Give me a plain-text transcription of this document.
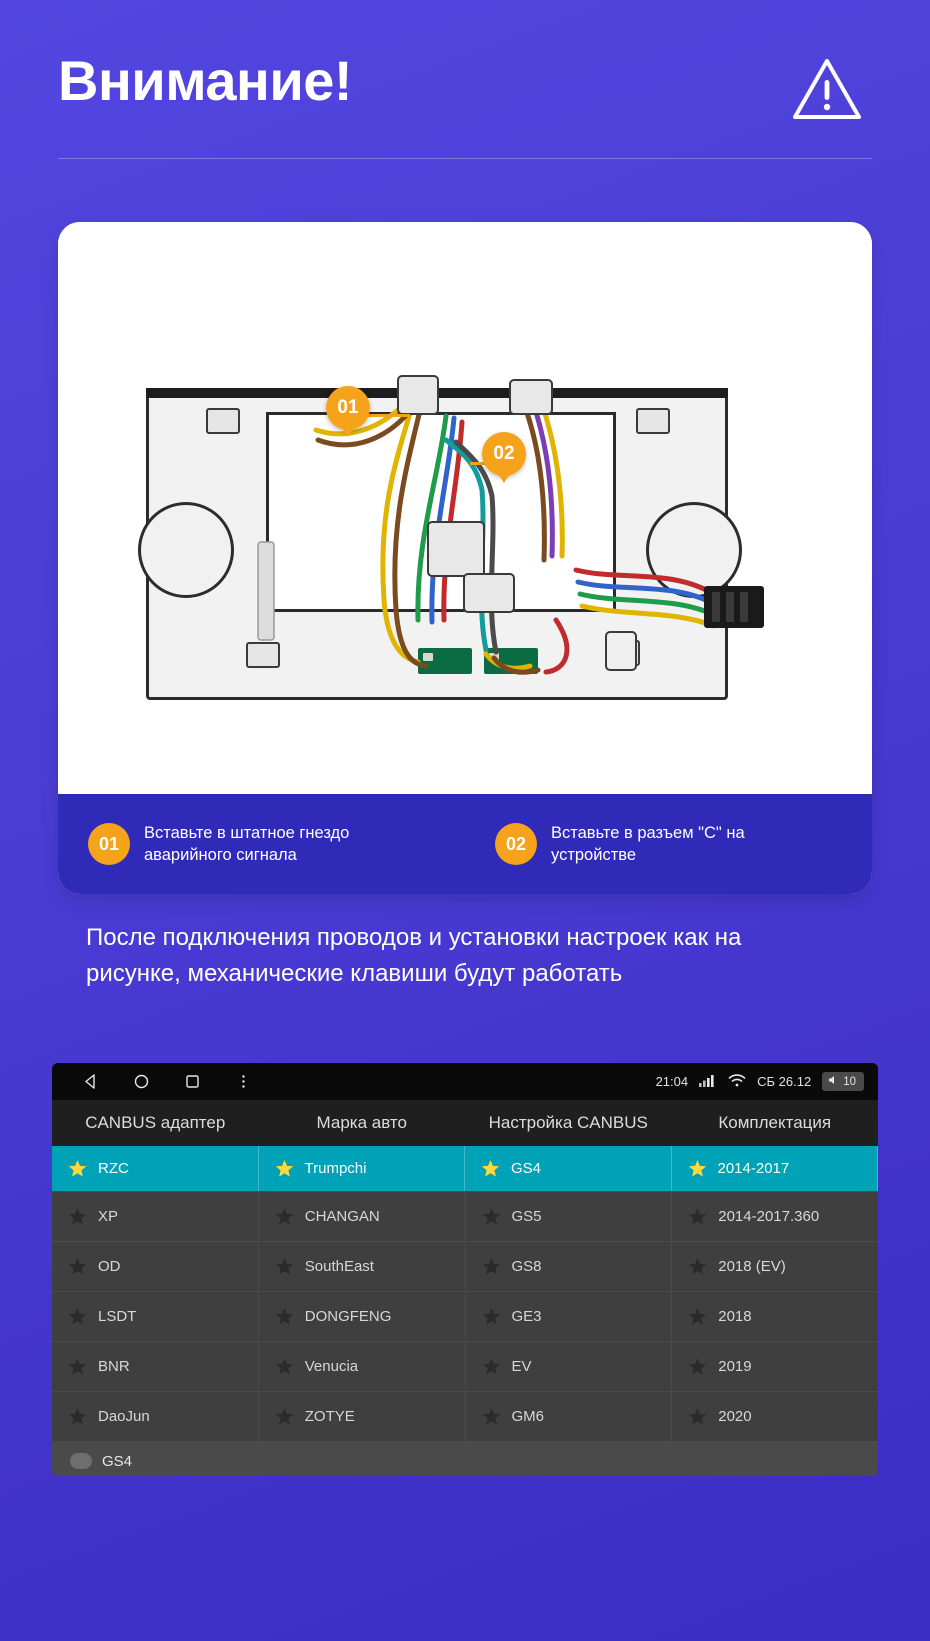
Внимание!
01
02
01
Вставьте в штатное гнездо аварийного сигнала
02
Вставьте в разъем "C" на устройстве
После подключения проводов и установки настроек как на рисунке, механические клавиши будут работать
21:04	СБ 26.12	10
CANBUS адаптер	Марка авто	Настройка CANBUS	Комплектация
RZC	Trumpchi	GS4	2014-2017
XP	CHANGAN	GS5	2014-2017.360
OD	SouthEast	GS8	2018 (EV)
LSDT	DONGFENG	GE3	2018
BNR	Venucia	EV	2019
DaoJun	ZOTYE	GM6	2020
GS4
